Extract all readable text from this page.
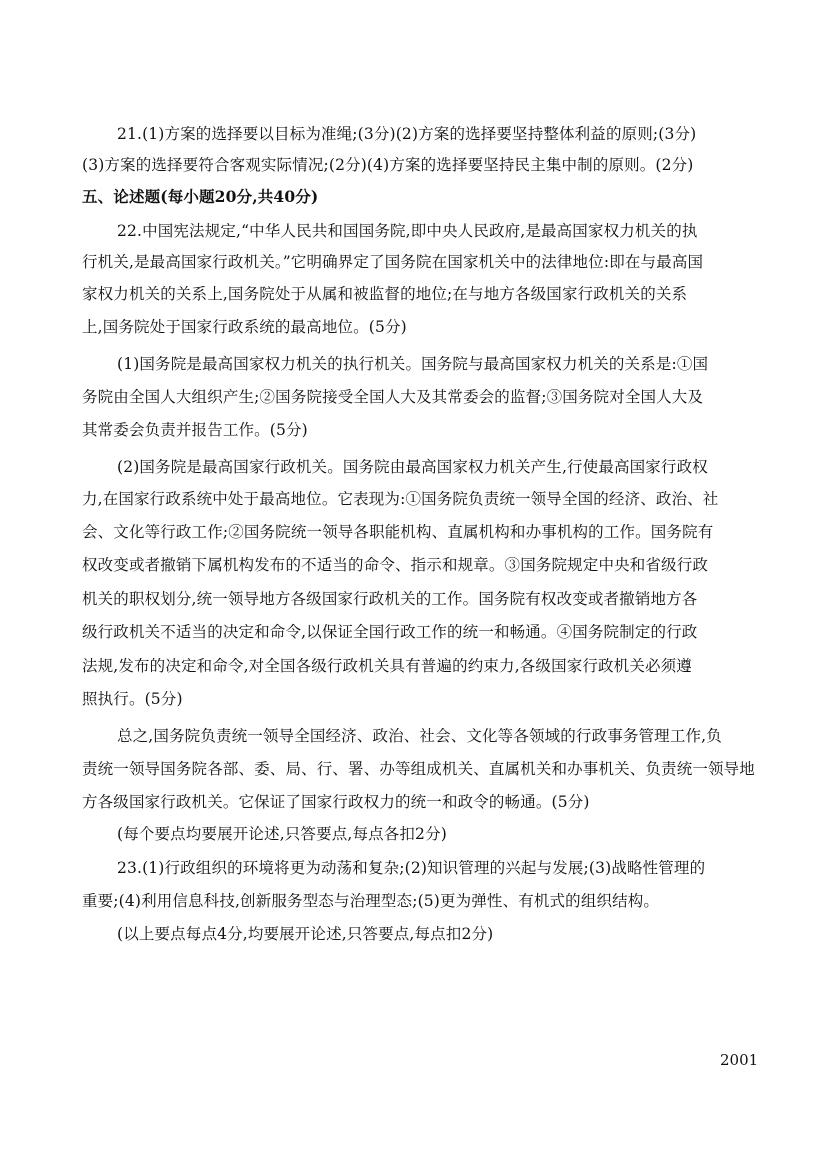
21.(1)方案的选择要以目标为准绳;(3分)(2)方案的选择要坚持整体利益的原则;(3分)
(3)方案的选择要符合客观实际情况;(2分)(4)方案的选择要坚持民主集中制的原则。(2分)
五、论述题(每小题20分,共40分)
22.中国宪法规定,“中华人民共和国国务院,即中央人民政府,是最高国家权力机关的执
行机关,是最高国家行政机关。”它明确界定了国务院在国家机关中的法律地位:即在与最高国
家权力机关的关系上,国务院处于从属和被监督的地位;在与地方各级国家行政机关的关系
上,国务院处于国家行政系统的最高地位。(5分)
(1)国务院是最高国家权力机关的执行机关。国务院与最高国家权力机关的关系是:①国
务院由全国人大组织产生;②国务院接受全国人大及其常委会的监督;③国务院对全国人大及
其常委会负责并报告工作。(5分)
(2)国务院是最高国家行政机关。国务院由最高国家权力机关产生,行使最高国家行政权
力,在国家行政系统中处于最高地位。它表现为:①国务院负责统一领导全国的经济、政治、社
会、文化等行政工作;②国务院统一领导各职能机构、直属机构和办事机构的工作。国务院有
权改变或者撤销下属机构发布的不适当的命令、指示和规章。③国务院规定中央和省级行政
机关的职权划分,统一领导地方各级国家行政机关的工作。国务院有权改变或者撤销地方各
级行政机关不适当的决定和命令,以保证全国行政工作的统一和畅通。④国务院制定的行政
法规,发布的决定和命令,对全国各级行政机关具有普遍的约束力,各级国家行政机关必须遵
照执行。(5分)
总之,国务院负责统一领导全国经济、政治、社会、文化等各领域的行政事务管理工作,负
责统一领导国务院各部、委、局、行、署、办等组成机关、直属机关和办事机关、负责统一领导地
方各级国家行政机关。它保证了国家行政权力的统一和政令的畅通。(5分)
(每个要点均要展开论述,只答要点,每点各扣2分)
23.(1)行政组织的环境将更为动荡和复杂;(2)知识管理的兴起与发展;(3)战略性管理的
重要;(4)利用信息科技,创新服务型态与治理型态;(5)更为弹性、有机式的组织结构。
(以上要点每点4分,均要展开论述,只答要点,每点扣2分)
2001
